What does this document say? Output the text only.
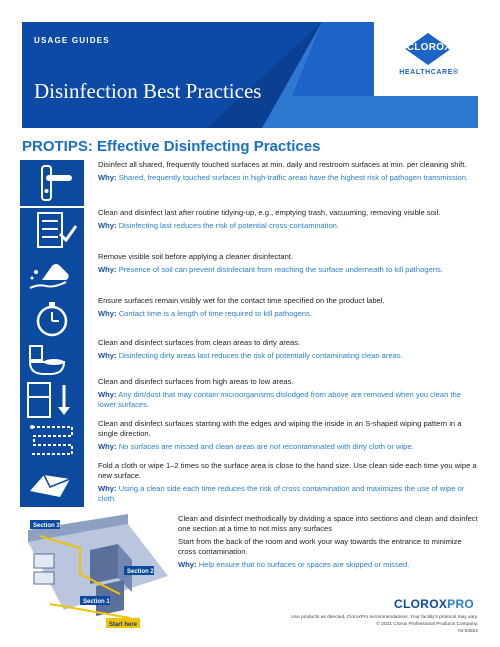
USAGE GUIDES
Disinfection Best Practices
CLOROX
HEALTHCARE®
PROTIPS: Effective Disinfecting Practices
Disinfect all shared, frequently touched surfaces at min. daily and restroom surfaces at min. per cleaning shift.
Why: Shared, frequently touched surfaces in high-traffic areas have the highest risk of pathogen transmission.
Clean and disinfect last after routine tidying-up, e.g., emptying trash, vacuuming, removing visible soil.
Why: Disinfecting last reduces the risk of potential cross-contamination.
Remove visible soil before applying a cleaner disinfectant.
Why: Presence of soil can prevent disinfectant from reaching the surface underneath to kill pathogens.
Ensure surfaces remain visibly wet for the contact time specified on the product label.
Why: Contact time is a length of time required to kill pathogens.
Clean and disinfect surfaces from clean areas to dirty areas.
Why: Disinfecting dirty areas last reduces the risk of potentially contaminating clean areas.
Clean and disinfect surfaces from high areas to low areas.
Why: Any dirt/dust that may contain microorganisms dislodged from above are removed when you clean the lower surfaces.
Clean and disinfect surfaces starting with the edges and wiping the inside in an S-shaped wiping pattern in a single direction.
Why: No surfaces are missed and clean areas are not recontaminated with dirty cloth or wipe.
Fold a cloth or wipe 1–2 times so the surface area is close to the hand size. Use clean side each time you wipe a new surface.
Why: Using a clean side each time reduces the risk of cross contamination and maximizes the use of wipe or cloth.
Section 3
Section 2
Section 1
Start here
Clean and disinfect methodically by dividing a space into sections and clean and disinfect one section at a time to not miss any surfaces
Start from the back of the room and work your way towards the entrance to minimize cross contamination.
Why: Help ensure that no surfaces or spaces are skipped or missed.
CLOROXPRO
Use products as directed. CloroxPro recommendations. Your facility's protocol may vary.
© 2021 Clorox Professional Products Company.
NI-53502
